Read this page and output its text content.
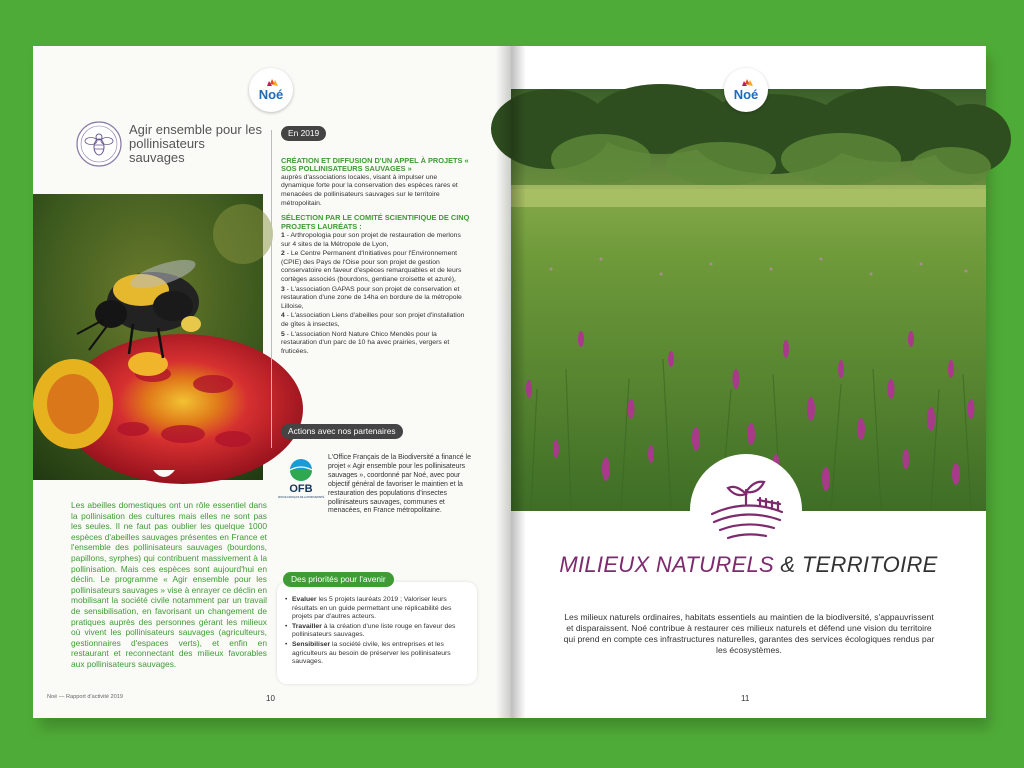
Noé
Agir ensemble pour les pollinisateurs sauvages
Les abeilles domestiques ont un rôle essentiel dans la pollinisation des cultures mais elles ne sont pas les seules. Il ne faut pas oublier les quelque 1000 espèces d'abeilles sauvages présentes en France et l'ensemble des pollinisateurs sauvages (bourdons, papillons, syrphes) qui contribuent massivement à la pollinisation. Mais ces espèces sont aujourd'hui en déclin. Le programme « Agir ensemble pour les pollinisateurs sauvages » vise à enrayer ce déclin en mobilisant la société civile notamment par un travail de sensibilisation, en favorisant un changement de pratiques auprès des personnes gérant les milieux où vivent les pollinisateurs sauvages (agriculteurs, gestionnaires d'espaces verts), et enfin en restaurant et reconnectant des milieux favorables aux pollinisateurs sauvages.
Noé — Rapport d'activité 2019	10
En 2019
CRÉATION ET DIFFUSION D'UN APPEL À PROJETS « SOS POLLINISATEURS SAUVAGES »
auprès d'associations locales, visant à impulser une dynamique forte pour la conservation des espèces rares et menacées de pollinisateurs sauvages sur le territoire métropolitain.
SÉLECTION PAR LE COMITÉ SCIENTIFIQUE DE CINQ PROJETS LAURÉATS :
1 - Arthropologia pour son projet de restauration de merlons sur 4 sites de la Métropole de Lyon,
2 - Le Centre Permanent d'Initiatives pour l'Environnement (CPIE) des Pays de l'Oise pour son projet de gestion conservatoire en faveur d'espèces remarquables et de leurs cortèges associés (bourdons, gentiane croisette et azuré),
3 - L'association GAPAS pour son projet de conservation et restauration d'une zone de 14ha en bordure de la métropole Lilloise,
4 - L'association Liens d'abeilles pour son projet d'installation de gîtes à insectes,
5 - L'association Nord Nature Chico Mendès pour la restauration d'un parc de 10 ha avec prairies, vergers et fruticées.
Actions avec nos partenaires
OFB
OFFICE FRANÇAIS DE LA BIODIVERSITÉ
L'Office Français de la Biodiversité a financé le projet « Agir ensemble pour les pollinisateurs sauvages », coordonné par Noé, avec pour objectif général de favoriser le maintien et la restauration des populations d'insectes pollinisateurs sauvages, communes et menacées, en France métropolitaine.
Des priorités pour l'avenir
• Evaluer les 5 projets lauréats 2019 ; Valoriser leurs résultats en un guide permettant une réplicabilité des projets par d'autres acteurs.
• Travailler à la création d'une liste rouge en faveur des pollinisateurs sauvages.
• Sensibiliser la société civile, les entreprises et les agriculteurs au besoin de préserver les pollinisateurs sauvages.
Noé
MILIEUX NATURELS & TERRITOIRE
Les milieux naturels ordinaires, habitats essentiels au maintien de la biodiversité, s'appauvrissent et disparaissent. Noé contribue à restaurer ces milieux naturels et défend une vision du territoire qui prend en compte ces infrastructures naturelles, garantes des services écologiques rendus par les écosystèmes.
11
